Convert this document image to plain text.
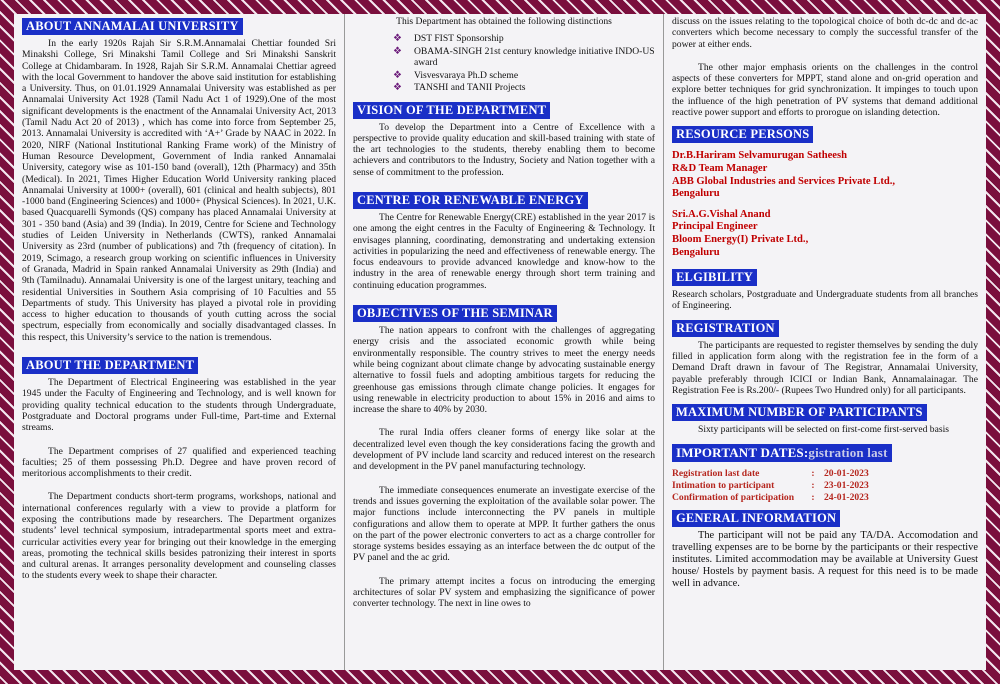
ABOUT ANNAMALAI UNIVERSITY

In the early 1920s Rajah Sir S.R.M.Annamalai Chettiar founded Sri Minakshi College, Sri Minakshi Tamil College and Sri Minakshi Sanskrit College at Chidambaram. In 1928, Rajah Sir S.R.M. Annamalai Chettiar agreed with the local Government to handover the above said institution for establishing a University. Thus, on 01.01.1929 Annamalai University was established as per Annamalai University Act 1928 (Tamil Nadu Act 1 of 1929).One of the most significant developments is the enactment of the Annamalai University Act, 2013 (Tamil Nadu Act 20 of 2013) , which has come into force from September 25, 2013. Annamalai University is accredited with ‘A+’ Grade by NAAC in 2022. In 2020, NIRF (National Institutional Ranking Frame work) of the Ministry of Human Resource Development, Government of India ranked Annamalai University, category wise as 101-150 band (overall), 12th (Pharmacy) and 35th (Medical). In 2021, Times Higher Education World University ranking placed Annamalai University at 1000+ (overall), 601 (clinical and health subjects), 801 -1000 band (Engineering Sciences) and 1000+ (Physical Sciences). In 2021, U.K. based Quacquarelli Symonds (QS) company has placed Annamalai University at 301 - 350 band (Asia) and 39 (India). In 2019, Centre for Sciene and Technology studies of Leiden University in Netherlands (CWTS), ranked Annamalai University as 23rd (number of publications) and 7th (frequency of citation). In 2019, Scimago, a research group working on scientific influences in University of Granada, Madrid in Spain ranked Annamalai University as 29th (India) and 9th (Tamilnadu). Annamalai University is one of the largest unitary, teaching and residential Universities in Southern Asia comprising of 10 Faculties and 55 Departments of study. This University has played a pivotal role in providing access to higher education to thousands of youth cutting across the social spectrum, especially from economically and socially disadvantaged classes. In this respect, this University’s service to the nation is tremendous.

ABOUT THE DEPARTMENT

The Department of Electrical Engineering was established in the year 1945 under the Faculty of Engineering and Technology, and is well known for providing quality technical education to the students through Undergraduate, Postgraduate and Doctoral programs under Full-time, Part-time and External streams.

The Department comprises of 27 qualified and experienced teaching faculties; 25 of them possessing Ph.D. Degree and have proven record of meritorious accomplishments to their credit.

The Department conducts short-term programs, workshops, national and international conferences regularly with a view to provide a platform for exposing the contributions made by researchers. The Department organizes students’ level technical symposium, intradepartmental sports meet and extra- curricular activities every year for bringing out their knowledge in the emerging areas, promoting the technical skills besides patronizing their interest in sports and cultural arenas. It arranges personality development and counseling classes to the students every week to shape their character.

This Department has obtained the following distinctions
❖ DST FIST Sponsorship
❖ OBAMA-SINGH 21st century knowledge initiative INDO-US award
❖ Visvesvaraya Ph.D scheme
❖ TANSHI and TANII Projects
VISION OF THE DEPARTMENT

To develop the Department into a Centre of Excellence with a perspective to provide quality education and skill-based training with state of the art technologies to the students, thereby enabling them to become achievers and contributors to the Industry, Society and Nation together with a sense of commitment to the profession.

CENTRE FOR RENEWABLE ENERGY

The Centre for Renewable Energy(CRE) established in the year 2017 is one among the eight centres in the Faculty of Engineering & Technology. It envisages planning, coordinating, demonstrating and undertaking extension activities in popularizing the need and effectiveness of renewable energy. The focus endeavours to provide advanced knowledge and know-how to the industry in the area of renewable energy through short term training and continuing education programmes.

OBJECTIVES OF THE SEMINAR

The nation appears to confront with the challenges of aggregating energy crisis and the associated economic growth while being environmentally responsible. The country strives to meet the energy needs while being cognizant about climate change by advocating sustainable energy alternative to fossil fuels and adopting ambitious targets for reducing the greenhouse gas emissions through climate change policies. It engages for using renewable in electricity production to about 15% in 2016 and aims to increase the share to 40% by 2030.

The rural India offers cleaner forms of energy like solar at the decentralized level even though the key considerations facing the growth and development of PV include land scarcity and reduced interest on the research and development in the PV panel manufacturing technology.

The immediate consequences enumerate an investigate exercise of the trends and issues governing the exploitation of the available solar power. The major functions include interconnecting the PV panels in multiple configurations and allow them to operate at MPP. It further gathers the onus on the part of the power electronic converters to act as a charge controller for storage systems besides essaying as an interface between the dc output of the PV panel and the ac grid.

The primary attempt incites a focus on introducing the emerging architectures of solar PV system and emphasizing the significance of power converter technology. The next in line owes to

discuss on the issues relating to the topological choice of both dc-dc and dc-ac converters which become necessary to comply the successful transfer of the power at either ends.

The other major emphasis orients on the challenges in the control aspects of these converters for MPPT, stand alone and on-grid operation and explore better techniques for grid synchronization. It impinges to touch upon the influence of the high penetration of PV systems that demand additional reactive power support and efforts to prorogue on islanding detection.

RESOURCE PERSONS
Dr.B.Hariram Selvamurugan Satheesh
R&D Team Manager
ABB Global Industries and Services Private Ltd.,
Bengaluru
Sri.A.G.Vishal Anand
Principal Engineer
Bloom Energy(I) Private Ltd.,
Bengaluru
ELGIBILITY

Research scholars, Postgraduate and Undergraduate students from all branches of Engineering.

REGISTRATION

The participants are requested to register themselves by sending the duly filled in application form along with the registration fee in the form of a Demand Draft drawn in favour of The Registrar, Annamalai University, payable preferably through ICICI or Indian Bank, Annamalainagar. The Registration Fee is Rs.200/- (Rupees Two Hundred only) for all participants.

MAXIMUM NUMBER OF PARTICIPANTS

Sixty participants will be selected on first-come first-served basis

IMPORTANT DATES:gistration last
Registration last date	: 20-01-2023
Intimation to participant	: 23-01-2023
Confirmation of participation	: 24-01-2023
GENERAL INFORMATION

The participant will not be paid any TA/DA. Accomodation and travelling expenses are to be borne by the participants or their respective institutes. Limited accommodation may be available at University Guest house/ Hostels by payment basis. A request for this need is to be made well in advance.
